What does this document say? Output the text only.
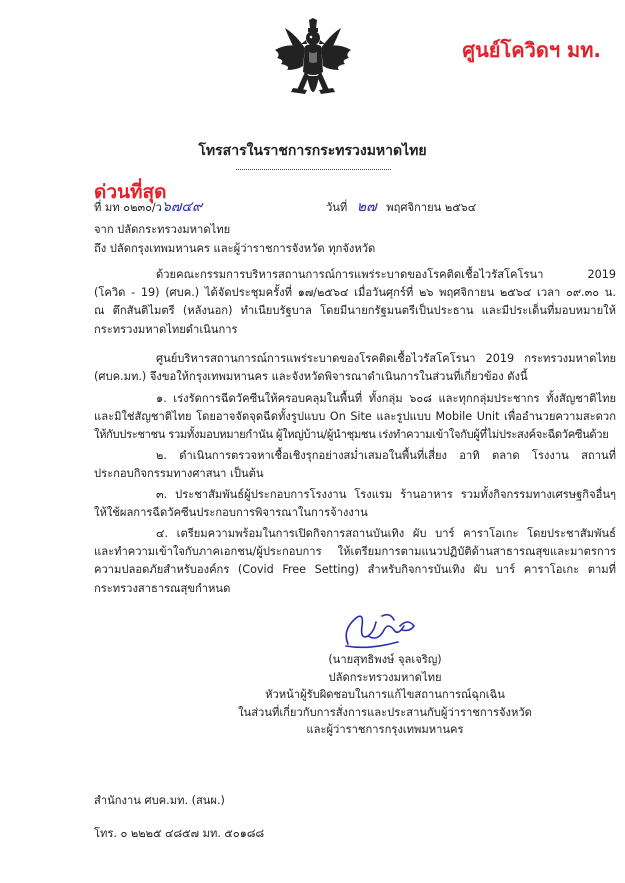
ศูนย์โควิดฯ มท.
โทรสารในราชการกระทรวงมหาดไทย
ด่วนที่สุด
ที่ มท ๐๒๓๐/ว๖๗๔๙	วันที่ ๒๗ พฤศจิกายน ๒๕๖๔
จาก ปลัดกระทรวงมหาดไทย
ถึง ปลัดกรุงเทพมหานคร และผู้ว่าราชการจังหวัด ทุกจังหวัด
ด้วยคณะกรรมการบริหารสถานการณ์การแพร่ระบาดของโรคติดเชื้อไวรัสโคโรนา 2019
(โควิด - 19) (ศบค.) ได้จัดประชุมครั้งที่ ๑๗/๒๕๖๔ เมื่อวันศุกร์ที่ ๒๖ พฤศจิกายน ๒๕๖๔ เวลา ๐๙.๓๐ น.
ณ ตึกสันติไมตรี (หลังนอก) ทำเนียบรัฐบาล โดยมีนายกรัฐมนตรีเป็นประธาน และมีประเด็นที่มอบหมายให้
กระทรวงมหาดไทยดำเนินการ
ศูนย์บริหารสถานการณ์การแพร่ระบาดของโรคติดเชื้อไวรัสโคโรนา 2019 กระทรวงมหาดไทย
(ศบค.มท.) จึงขอให้กรุงเทพมหานคร และจังหวัดพิจารณาดำเนินการในส่วนที่เกี่ยวข้อง ดังนี้
๑. เร่งรัดการฉีดวัคซีนให้ครอบคลุมในพื้นที่ ทั้งกลุ่ม ๖๐๘ และทุกกลุ่มประชากร ทั้งสัญชาติไทย
และมิใช่สัญชาติไทย โดยอาจจัดจุดฉีดทั้งรูปแบบ On Site และรูปแบบ Mobile Unit เพื่ออำนวยความสะดวก
ให้กับประชาชน รวมทั้งมอบหมายกำนัน ผู้ใหญ่บ้าน/ผู้นำชุมชน เร่งทำความเข้าใจกับผู้ที่ไม่ประสงค์จะฉีดวัคซีนด้วย
๒. ดำเนินการตรวจหาเชื้อเชิงรุกอย่างสม่ำเสมอในพื้นที่เสี่ยง อาทิ ตลาด โรงงาน สถานที่
ประกอบกิจกรรมทางศาสนา เป็นต้น
๓. ประชาสัมพันธ์ผู้ประกอบการโรงงาน โรงแรม ร้านอาหาร รวมทั้งกิจกรรมทางเศรษฐกิจอื่นๆ
ให้ใช้ผลการฉีดวัคซีนประกอบการพิจารณาในการจ้างงาน
๔. เตรียมความพร้อมในการเปิดกิจการสถานบันเทิง ผับ บาร์ คาราโอเกะ โดยประชาสัมพันธ์
และทำความเข้าใจกับภาคเอกชน/ผู้ประกอบการ ให้เตรียมการตามแนวปฏิบัติด้านสาธารณสุขและมาตรการ
ความปลอดภัยสำหรับองค์กร (Covid Free Setting) สำหรับกิจการบันเทิง ผับ บาร์ คาราโอเกะ ตามที่
กระทรวงสาธารณสุขกำหนด
(นายสุทธิพงษ์ จุลเจริญ)
ปลัดกระทรวงมหาดไทย
หัวหน้าผู้รับผิดชอบในการแก้ไขสถานการณ์ฉุกเฉิน
ในส่วนที่เกี่ยวกับการสั่งการและประสานกับผู้ว่าราชการจังหวัด
และผู้ว่าราชการกรุงเทพมหานคร
สำนักงาน ศบค.มท. (สนผ.)
โทร. ๐ ๒๒๒๕ ๔๘๕๗ มท. ๕๐๑๘๘
